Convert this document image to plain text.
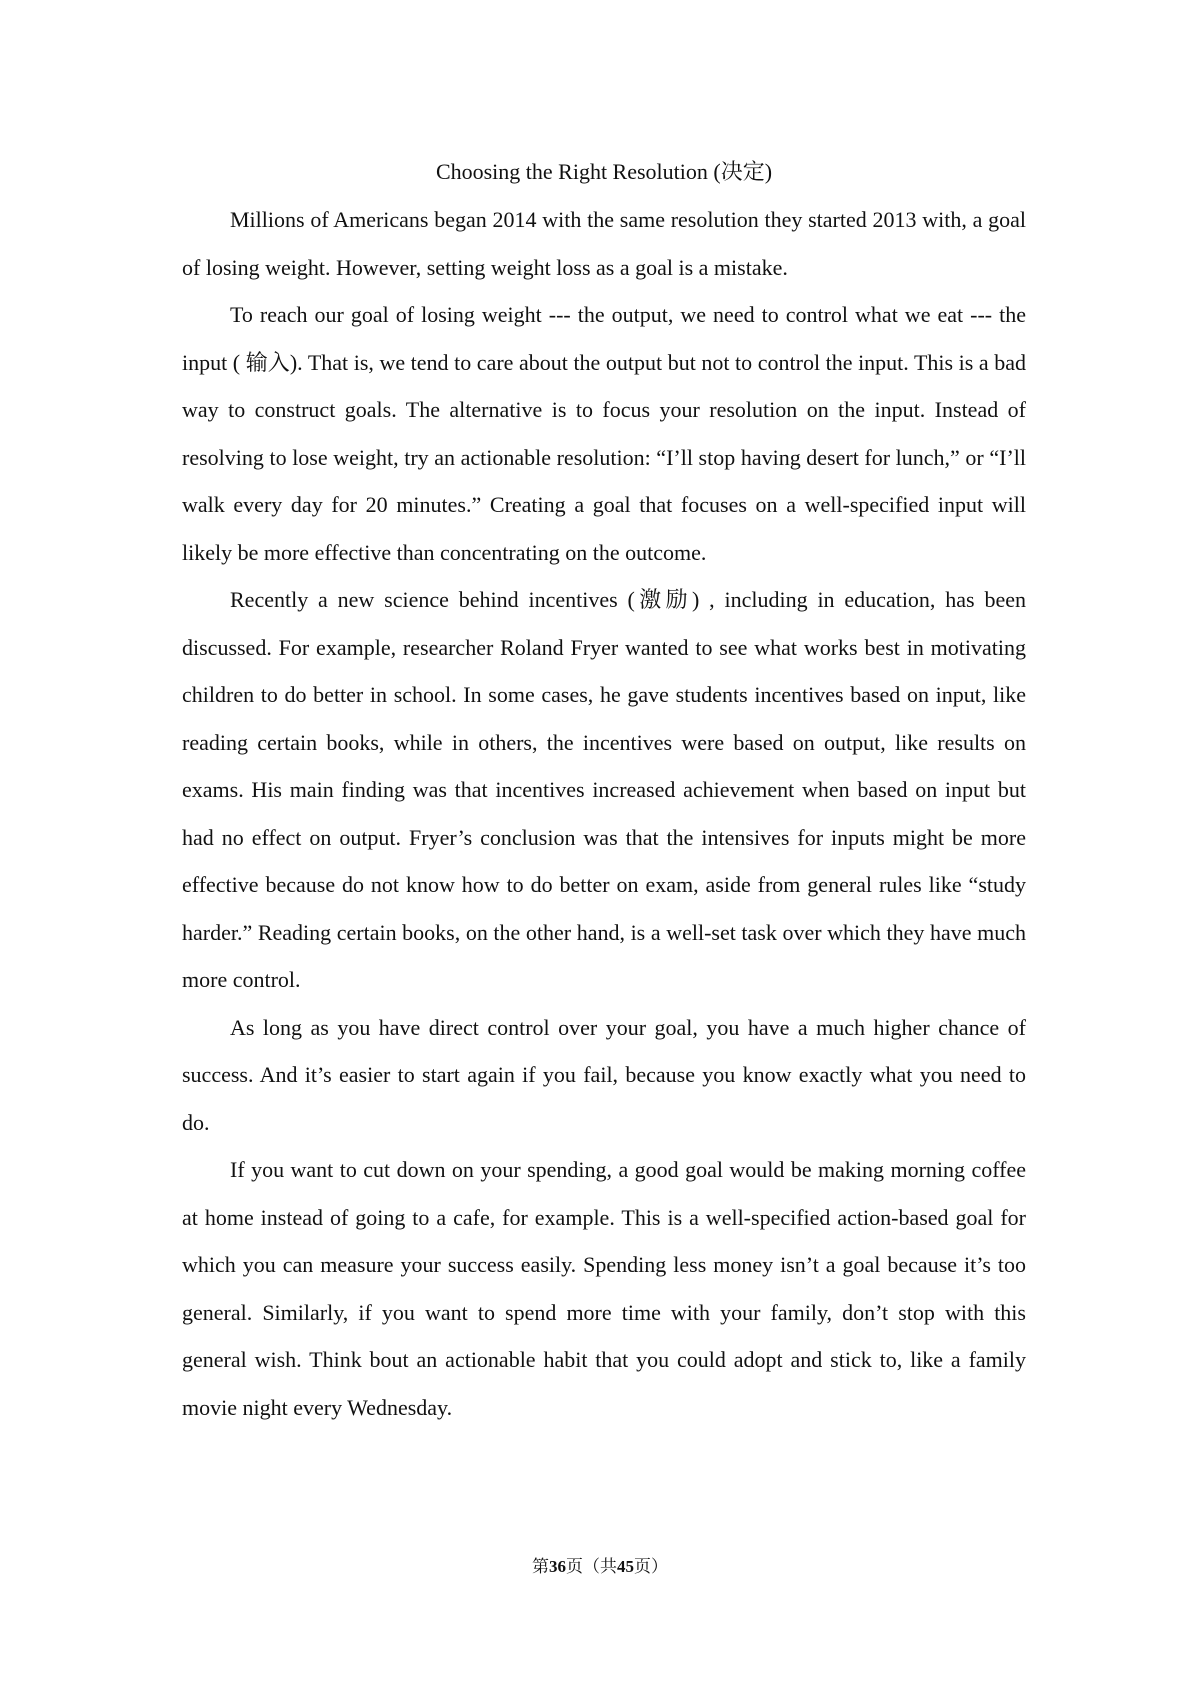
Choosing the Right Resolution (决定)

Millions of Americans began 2014 with the same resolution they started 2013 with, a goal of losing weight. However, setting weight loss as a goal is a mistake.

To reach our goal of losing weight --- the output, we need to control what we eat --- the input ( 输入). That is, we tend to care about the output but not to control the input. This is a bad way to construct goals. The alternative is to focus your resolution on the input. Instead of resolving to lose weight, try an actionable resolution: “I’ll stop having desert for lunch,” or “I’ll walk every day for 20 minutes.” Creating a goal that focuses on a well-specified input will likely be more effective than concentrating on the outcome.

Recently a new science behind incentives (激励) , including in education, has been discussed. For example, researcher Roland Fryer wanted to see what works best in motivating children to do better in school. In some cases, he gave students incentives based on input, like reading certain books, while in others, the incentives were based on output, like results on exams. His main finding was that incentives increased achievement when based on input but had no effect on output. Fryer’s conclusion was that the intensives for inputs might be more effective because do not know how to do better on exam, aside from general rules like “study harder.” Reading certain books, on the other hand, is a well-set task over which they have much more control.

As long as you have direct control over your goal, you have a much higher chance of success. And it’s easier to start again if you fail, because you know exactly what you need to do.

If you want to cut down on your spending, a good goal would be making morning coffee at home instead of going to a cafe, for example. This is a well-specified action-based goal for which you can measure your success easily. Spending less money isn’t a goal because it’s too general. Similarly, if you want to spend more time with your family, don’t stop with this general wish. Think bout an actionable habit that you could adopt and stick to, like a family movie night every Wednesday.

第36页（共45页）
